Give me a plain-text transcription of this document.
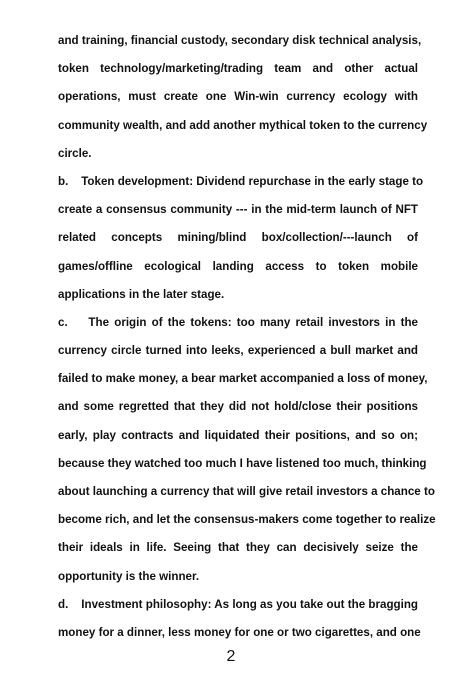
and training, financial custody, secondary disk technical analysis,
token technology/marketing/trading team and other actual
operations, must create one Win-win currency ecology with
community wealth, and add another mythical token to the currency
circle.
b.    Token development: Dividend repurchase in the early stage to
create a consensus community --- in the mid-term launch of NFT
related concepts mining/blind box/collection/---launch of
games/offline ecological landing access to token mobile
applications in the later stage.
c.    The origin of the tokens: too many retail investors in the
currency circle turned into leeks, experienced a bull market and
failed to make money, a bear market accompanied a loss of money,
and some regretted that they did not hold/close their positions
early, play contracts and liquidated their positions, and so on;
because they watched too much I have listened too much, thinking
about launching a currency that will give retail investors a chance to
become rich, and let the consensus-makers come together to realize
their ideals in life. Seeing that they can decisively seize the
opportunity is the winner.
d.    Investment philosophy: As long as you take out the bragging
money for a dinner, less money for one or two cigarettes, and one
2
